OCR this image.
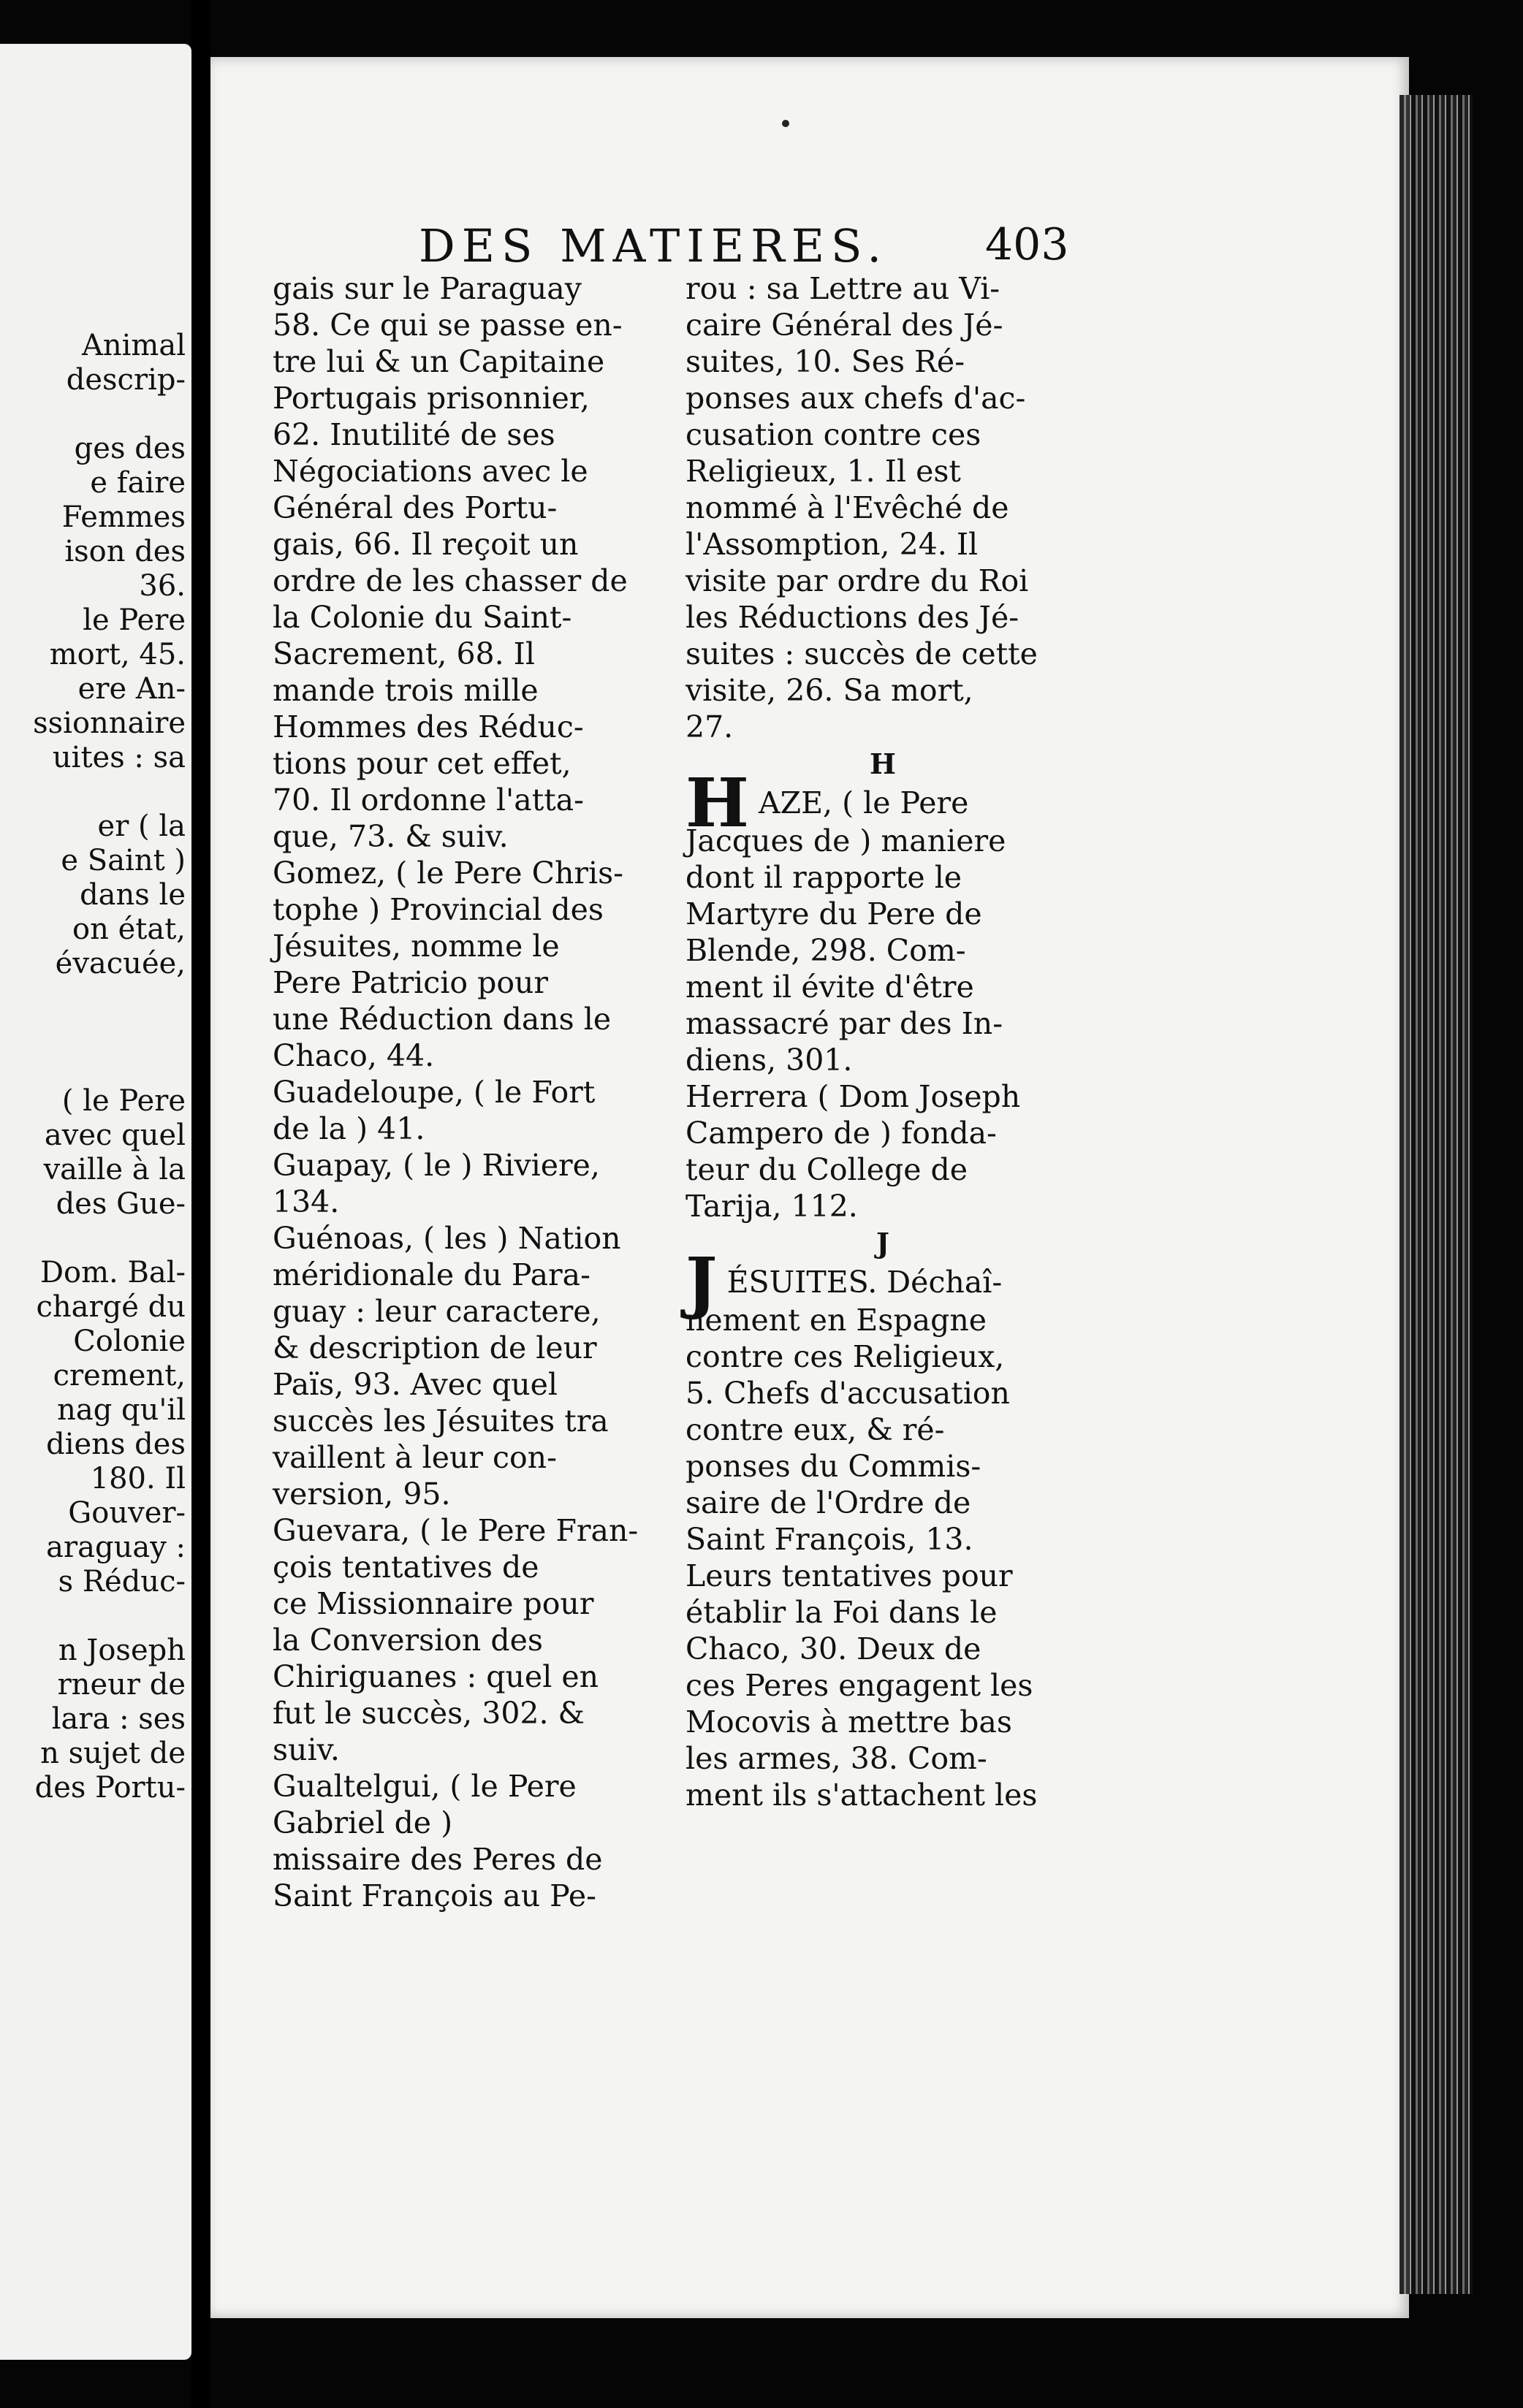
Animal
descrip-
ges des
e faire
Femmes
ison des
36.
le Pere
mort, 45.
ere An-
ssionnaire
uites : sa
er ( la
e Saint )
dans le
on état,
évacuée,
( le Pere
avec quel
vaille à la
des Gue-
Dom. Bal-
chargé du
Colonie
crement,
nag qu'il
diens des
180. Il
Gouver-
araguay :
s Réduc-
n Joseph
rneur de
lara : ses
n sujet de
des Portu-
DES MATIERES.	403
gais sur le Paraguay
58. Ce qui se passe en-
tre lui & un Capitaine
Portugais prisonnier,
62. Inutilité de ses
Négociations avec le
Général des Portu-
gais, 66. Il reçoit un
ordre de les chasser de
la Colonie du Saint-
Sacrement, 68. Il
mande trois mille
Hommes des Réduc-
tions pour cet effet,
70. Il ordonne l'atta-
que, 73. & suiv.
Gomez, ( le Pere Chris-
tophe ) Provincial des
Jésuites, nomme le
Pere Patricio pour
une Réduction dans le
Chaco, 44.
Guadeloupe, ( le Fort
de la ) 41.
Guapay, ( le ) Riviere,
134.
Guénoas, ( les ) Nation
méridionale du Para-
guay : leur caractere,
& description de leur
Païs, 93. Avec quel
succès les Jésuites tra
vaillent à leur con-
version, 95.
Guevara, ( le Pere Fran-
çois tentatives de
ce Missionnaire pour
la Conversion des
Chiriguanes : quel en
fut le succès, 302. &
suiv.
Gualtelgui, ( le Pere
Gabriel de )
missaire des Peres de
Saint François au Pe-
rou : sa Lettre au Vi-
caire Général des Jé-
suites, 10. Ses Ré-
ponses aux chefs d'ac-
cusation contre ces
Religieux, 1. Il est
nommé à l'Evêché de
l'Assomption, 24. Il
visite par ordre du Roi
les Réductions des Jé-
suites : succès de cette
visite, 26. Sa mort,
27.
H
H AZE, ( le Pere
Jacques de ) maniere
dont il rapporte le
Martyre du Pere de
Blende, 298. Com-
ment il évite d'être
massacré par des In-
diens, 301.
Herrera ( Dom Joseph
Campero de ) fonda-
teur du College de
Tarija, 112.
J
J ÉSUITES. Déchaî-
nement en Espagne
contre ces Religieux,
5. Chefs d'accusation
contre eux, & ré-
ponses du Commis-
saire de l'Ordre de
Saint François, 13.
Leurs tentatives pour
établir la Foi dans le
Chaco, 30. Deux de
ces Peres engagent les
Mocovis à mettre bas
les armes, 38. Com-
ment ils s'attachent les
